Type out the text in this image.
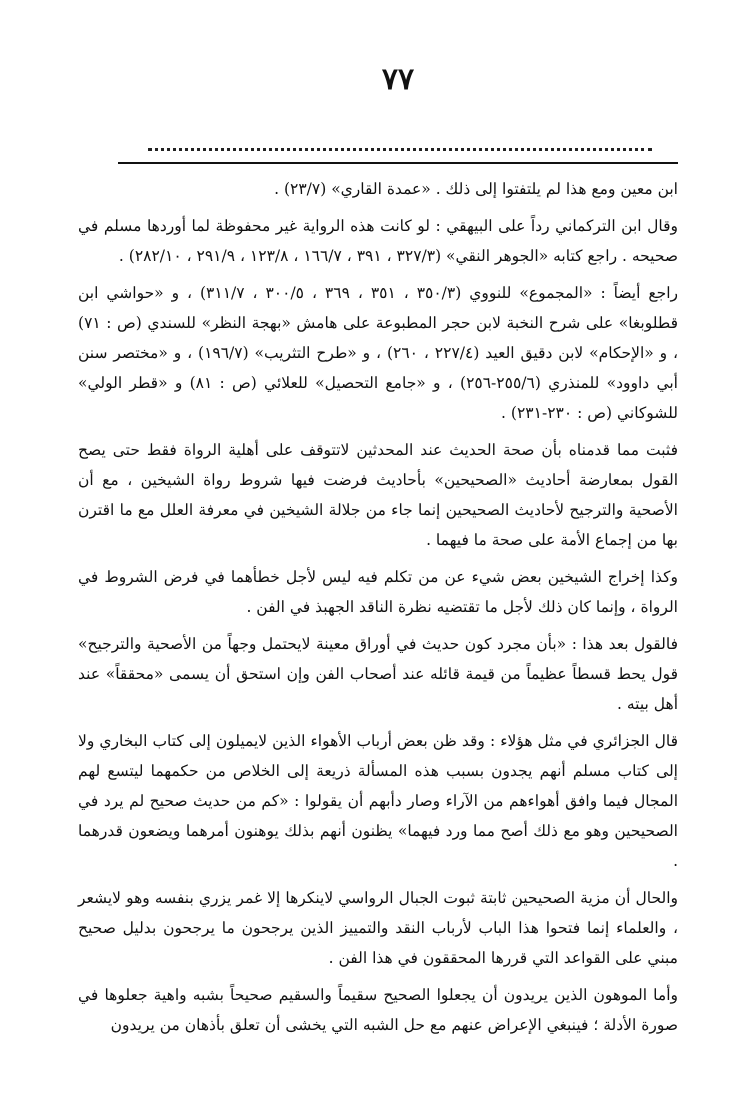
٧٧

ابن معين ومع هذا لم يلتفتوا إلى ذلك . «عمدة القاري» (٢٣/٧) .

وقال ابن التركماني رداً على البيهقي : لو كانت هذه الرواية غير محفوظة لما أوردها مسلم في صحيحه . راجع كتابه «الجوهر النقي» (٣٢٧/٣ ، ٣٩١ ، ١٦٦/٧ ، ١٢٣/٨ ، ٢٩١/٩ ، ٢٨٢/١٠) .

راجع أيضاً : «المجموع» للنووي (٣٥٠/٣ ، ٣٥١ ، ٣٦٩ ، ٣٠٠/٥ ، ٣١١/٧) ، و «حواشي ابن قطلوبغا» على شرح النخبة لابن حجر المطبوعة على هامش «بهجة النظر» للسندي (ص : ٧١) ، و «الإحكام» لابن دقيق العيد (٢٢٧/٤ ، ٢٦٠) ، و «طرح التثريب» (١٩٦/٧) ، و «مختصر سنن أبي داوود» للمنذري (٢٥٥/٦-٢٥٦) ، و «جامع التحصيل» للعلائي (ص : ٨١) و «قطر الولي» للشوكاني (ص : ٢٣٠-٢٣١) .

فثبت مما قدمناه بأن صحة الحديث عند المحدثين لاتتوقف على أهلية الرواة فقط حتى يصح القول بمعارضة أحاديث «الصحيحين» بأحاديث فرضت فيها شروط رواة الشيخين ، مع أن الأصحية والترجيح لأحاديث الصحيحين إنما جاء من جلالة الشيخين في معرفة العلل مع ما اقترن بها من إجماع الأمة على صحة ما فيهما .

وكذا إخراج الشيخين بعض شيء عن من تكلم فيه ليس لأجل خطأهما في فرض الشروط في الرواة ، وإنما كان ذلك لأجل ما تقتضيه نظرة الناقد الجهبذ في الفن .

فالقول بعد هذا : «بأن مجرد كون حديث في أوراق معينة لايحتمل وجهاً من الأصحية والترجيح» قول يحط قسطاً عظيماً من قيمة قائله عند أصحاب الفن وإن استحق أن يسمى «محققاً» عند أهل بيته .

قال الجزائري في مثل هؤلاء : وقد ظن بعض أرباب الأهواء الذين لايميلون إلى كتاب البخاري ولا إلى كتاب مسلم أنهم يجدون بسبب هذه المسألة ذريعة إلى الخلاص من حكمهما ليتسع لهم المجال فيما وافق أهواءهم من الآراء وصار دأبهم أن يقولوا : «كم من حديث صحيح لم يرد في الصحيحين وهو مع ذلك أصح مما ورد فيهما» يظنون أنهم بذلك يوهنون أمرهما ويضعون قدرهما .

والحال أن مزية الصحيحين ثابتة ثبوت الجبال الرواسي لاينكرها إلا غمر يزري بنفسه وهو لايشعر ، والعلماء إنما فتحوا هذا الباب لأرباب النقد والتمييز الذين يرجحون ما يرجحون بدليل صحيح مبني على القواعد التي قررها المحققون في هذا الفن .

وأما الموهون الذين يريدون أن يجعلوا الصحيح سقيماً والسقيم صحيحاً بشبه واهية جعلوها في صورة الأدلة ؛ فينبغي الإعراض عنهم مع حل الشبه التي يخشى أن تعلق بأذهان من يريدون
